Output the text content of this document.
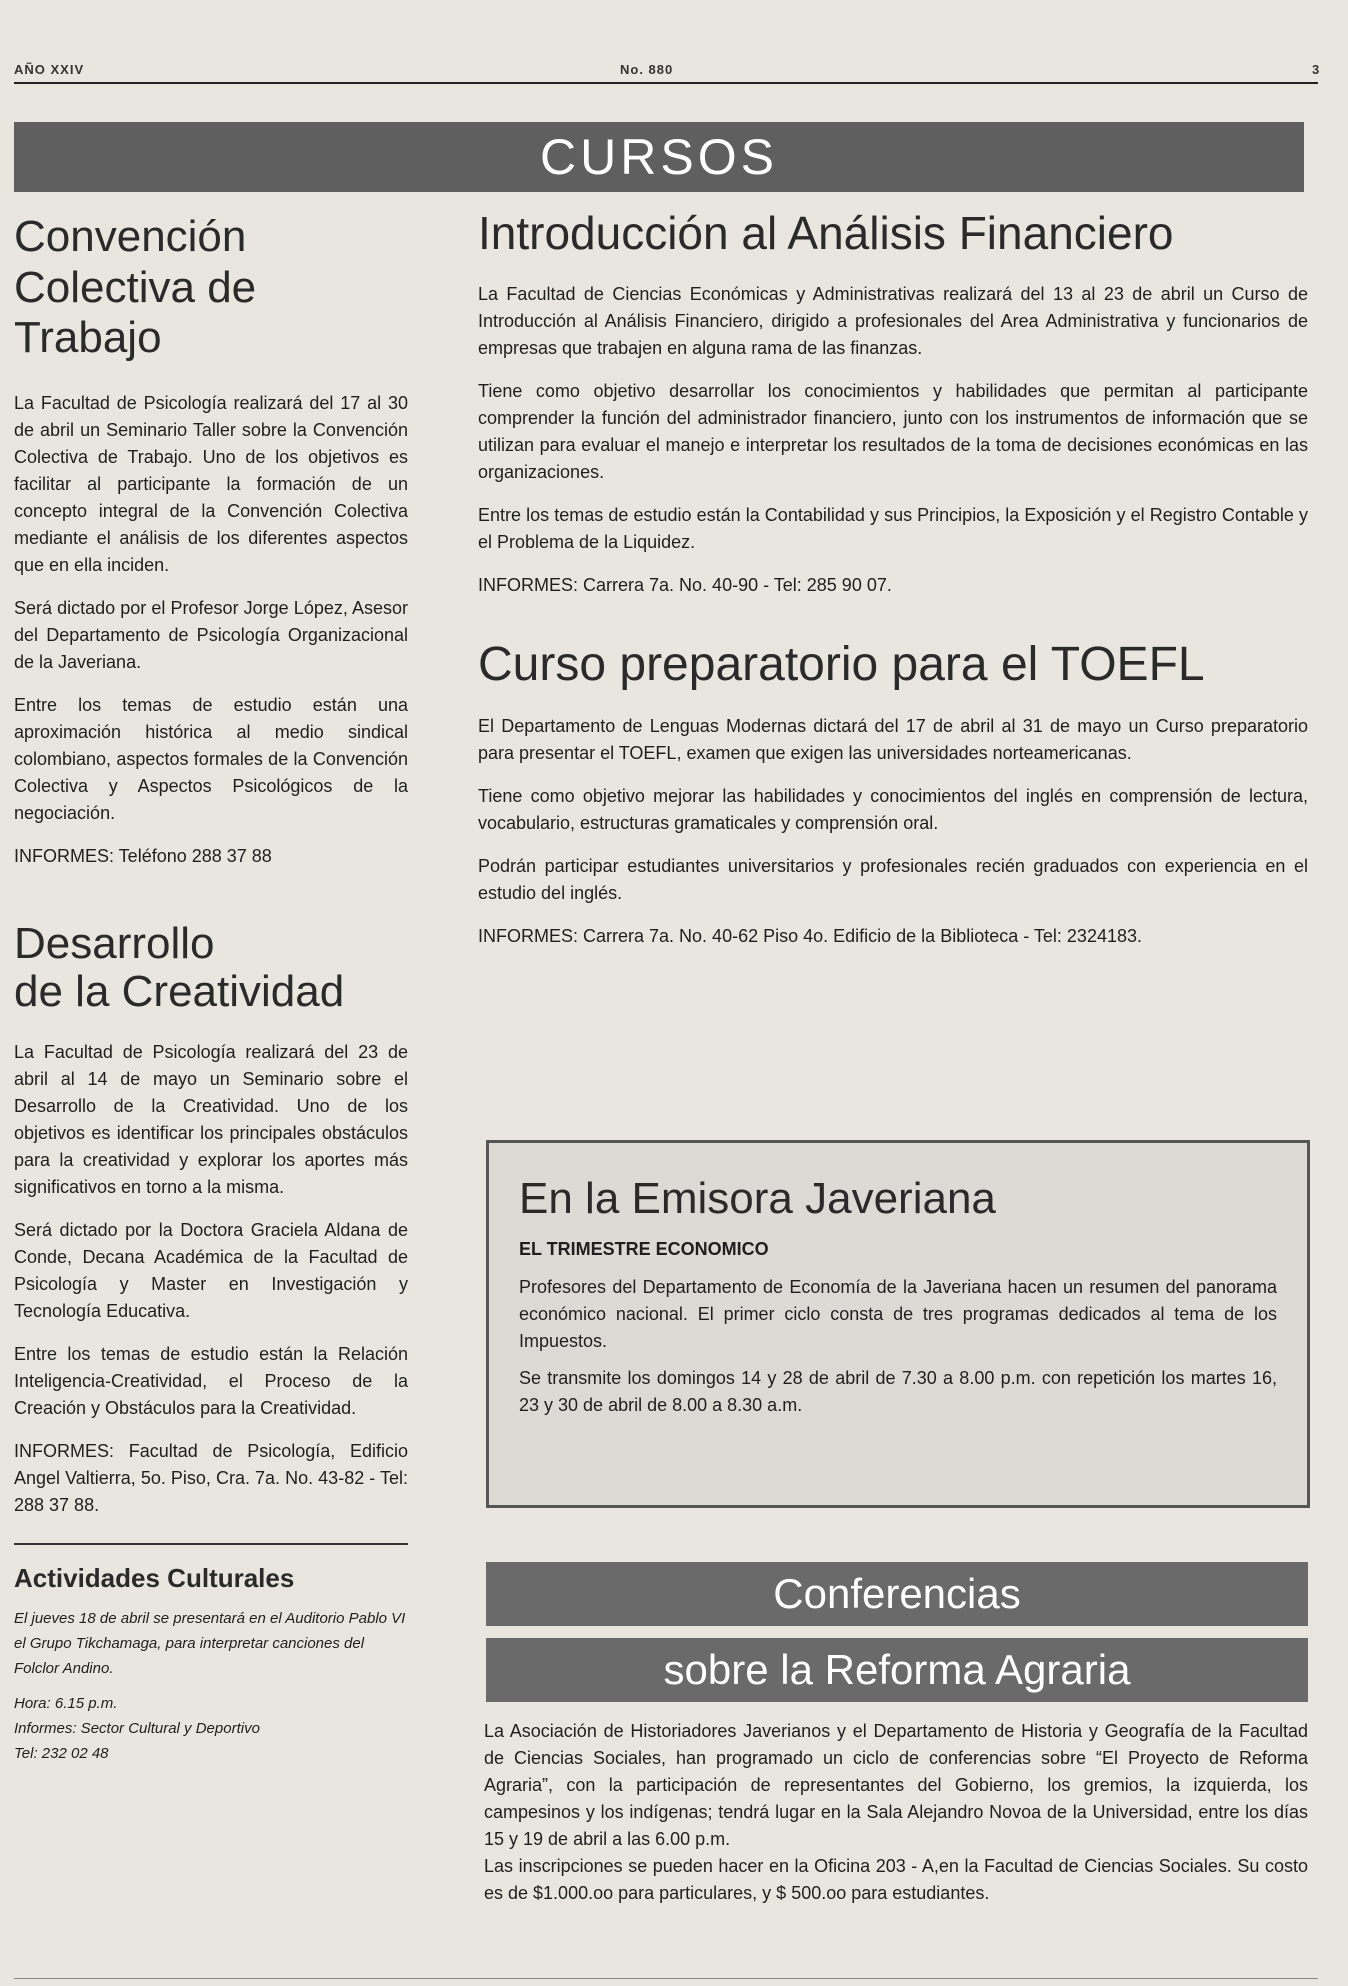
AÑO XXIV	No. 880	3
CURSOS
Convención
Colectiva de
Trabajo

La Facultad de Psicología realizará del 17 al 30 de abril un Seminario Taller sobre la Convención Colectiva de Trabajo. Uno de los objetivos es facilitar al participante la formación de un concepto integral de la Convención Colectiva mediante el análisis de los diferentes aspectos que en ella inciden.

Será dictado por el Profesor Jorge López, Asesor del Departamento de Psicología Organizacional de la Javeriana.

Entre los temas de estudio están una aproximación histórica al medio sindical colombiano, aspectos formales de la Convención Colectiva y Aspectos Psicológicos de la negociación.

INFORMES: Teléfono 288 37 88

Desarrollo
de la Creatividad

La Facultad de Psicología realizará del 23 de abril al 14 de mayo un Seminario sobre el Desarrollo de la Creatividad. Uno de los objetivos es identificar los principales obstáculos para la creatividad y explorar los aportes más significativos en torno a la misma.

Será dictado por la Doctora Graciela Aldana de Conde, Decana Académica de la Facultad de Psicología y Master en Investigación y Tecnología Educativa.

Entre los temas de estudio están la Relación Inteligencia-Creatividad, el Proceso de la Creación y Obstáculos para la Creatividad.

INFORMES: Facultad de Psicología, Edificio Angel Valtierra, 5o. Piso, Cra. 7a. No. 43-82 - Tel: 288 37 88.

Actividades Culturales

El jueves 18 de abril se presentará en el Auditorio Pablo VI el Grupo Tikchamaga, para interpretar canciones del Folclor Andino.

Hora: 6.15 p.m.

Informes: Sector Cultural y Deportivo

Tel: 232 02 48

Introducción al Análisis Financiero

La Facultad de Ciencias Económicas y Administrativas realizará del 13 al 23 de abril un Curso de Introducción al Análisis Financiero, dirigido a profesionales del Area Administrativa y funcionarios de empresas que trabajen en alguna rama de las finanzas.

Tiene como objetivo desarrollar los conocimientos y habilidades que permitan al participante comprender la función del administrador financiero, junto con los instrumentos de información que se utilizan para evaluar el manejo e interpretar los resultados de la toma de decisiones económicas en las organizaciones.

Entre los temas de estudio están la Contabilidad y sus Principios, la Exposición y el Registro Contable y el Problema de la Liquidez.

INFORMES: Carrera 7a. No. 40-90 - Tel: 285 90 07.

Curso preparatorio para el TOEFL

El Departamento de Lenguas Modernas dictará del 17 de abril al 31 de mayo un Curso preparatorio para presentar el TOEFL, examen que exigen las universidades norteamericanas.

Tiene como objetivo mejorar las habilidades y conocimientos del inglés en comprensión de lectura, vocabulario, estructuras gramaticales y comprensión oral.

Podrán participar estudiantes universitarios y profesionales recién graduados con experiencia en el estudio del inglés.

INFORMES: Carrera 7a. No. 40-62 Piso 4o. Edificio de la Biblioteca - Tel: 2324183.

En la Emisora Javeriana
EL TRIMESTRE ECONOMICO

Profesores del Departamento de Economía de la Javeriana hacen un resumen del panorama económico nacional. El primer ciclo consta de tres programas dedicados al tema de los Impuestos.

Se transmite los domingos 14 y 28 de abril de 7.30 a 8.00 p.m. con repetición los martes 16, 23 y 30 de abril de 8.00 a 8.30 a.m.

Conferencias
sobre la Reforma Agraria

La Asociación de Historiadores Javerianos y el Departamento de Historia y Geografía de la Facultad de Ciencias Sociales, han programado un ciclo de conferencias sobre “El Proyecto de Reforma Agraria”, con la participación de representantes del Gobierno, los gremios, la izquierda, los campesinos y los indígenas; tendrá lugar en la Sala Alejandro Novoa de la Universidad, entre los días 15 y 19 de abril a las 6.00 p.m.

Las inscripciones se pueden hacer en la Oficina 203 - A,en la Facultad de Ciencias Sociales. Su costo es de $1.000.oo para particulares, y $ 500.oo para estudiantes.
